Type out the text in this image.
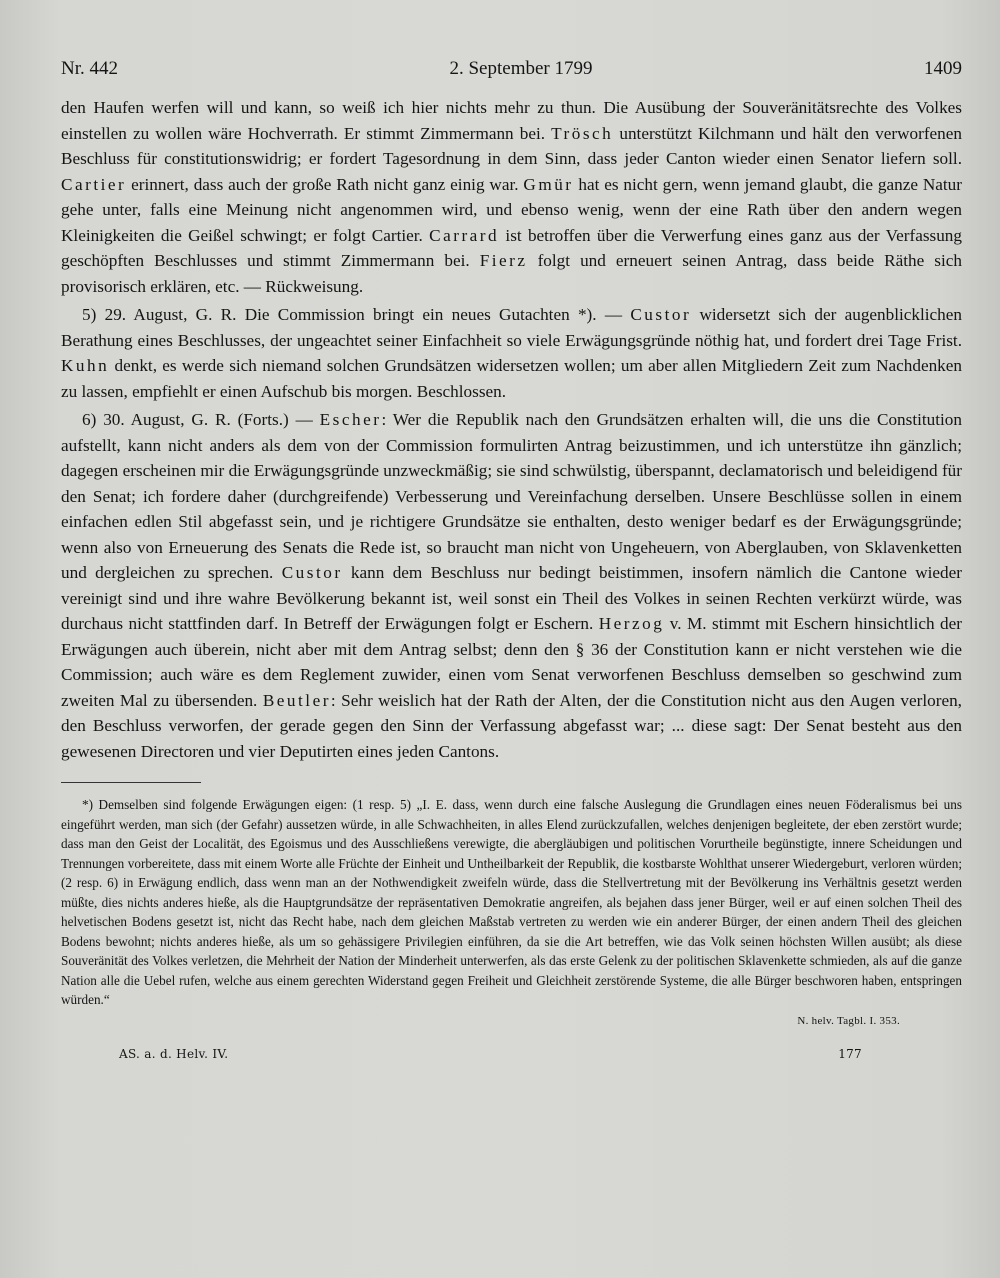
Nr. 442	2. September 1799	1409

den Haufen werfen will und kann, so weiß ich hier nichts mehr zu thun. Die Ausübung der Souveränitätsrechte des Volkes einstellen zu wollen wäre Hochverrath. Er stimmt Zimmermann bei. Trösch unterstützt Kilchmann und hält den verworfenen Beschluss für constitutionswidrig; er fordert Tagesordnung in dem Sinn, dass jeder Canton wieder einen Senator liefern soll. Cartier erinnert, dass auch der große Rath nicht ganz einig war. Gmür hat es nicht gern, wenn jemand glaubt, die ganze Natur gehe unter, falls eine Meinung nicht angenommen wird, und ebenso wenig, wenn der eine Rath über den andern wegen Kleinigkeiten die Geißel schwingt; er folgt Cartier. Carrard ist betroffen über die Verwerfung eines ganz aus der Verfassung geschöpften Beschlusses und stimmt Zimmermann bei. Fierz folgt und erneuert seinen Antrag, dass beide Räthe sich provisorisch erklären, etc. — Rückweisung.

5) 29. August, G. R. Die Commission bringt ein neues Gutachten *). — Custor widersetzt sich der augenblicklichen Berathung eines Beschlusses, der ungeachtet seiner Einfachheit so viele Erwägungsgründe nöthig hat, und fordert drei Tage Frist. Kuhn denkt, es werde sich niemand solchen Grundsätzen widersetzen wollen; um aber allen Mitgliedern Zeit zum Nachdenken zu lassen, empfiehlt er einen Aufschub bis morgen. Beschlossen.

6) 30. August, G. R. (Forts.) — Escher: Wer die Republik nach den Grundsätzen erhalten will, die uns die Constitution aufstellt, kann nicht anders als dem von der Commission formulirten Antrag beizustimmen, und ich unterstütze ihn gänzlich; dagegen erscheinen mir die Erwägungsgründe unzweckmäßig; sie sind schwülstig, überspannt, declamatorisch und beleidigend für den Senat; ich fordere daher (durchgreifende) Verbesserung und Vereinfachung derselben. Unsere Beschlüsse sollen in einem einfachen edlen Stil abgefasst sein, und je richtigere Grundsätze sie enthalten, desto weniger bedarf es der Erwägungsgründe; wenn also von Erneuerung des Senats die Rede ist, so braucht man nicht von Ungeheuern, von Aberglauben, von Sklavenketten und dergleichen zu sprechen. Custor kann dem Beschluss nur bedingt beistimmen, insofern nämlich die Cantone wieder vereinigt sind und ihre wahre Bevölkerung bekannt ist, weil sonst ein Theil des Volkes in seinen Rechten verkürzt würde, was durchaus nicht stattfinden darf. In Betreff der Erwägungen folgt er Eschern. Herzog v. M. stimmt mit Eschern hinsichtlich der Erwägungen auch überein, nicht aber mit dem Antrag selbst; denn den § 36 der Constitution kann er nicht verstehen wie die Commission; auch wäre es dem Reglement zuwider, einen vom Senat verworfenen Beschluss demselben so geschwind zum zweiten Mal zu übersenden. Beutler: Sehr weislich hat der Rath der Alten, der die Constitution nicht aus den Augen verloren, den Beschluss verworfen, der gerade gegen den Sinn der Verfassung abgefasst war; ... diese sagt: Der Senat besteht aus den gewesenen Directoren und vier Deputirten eines jeden Cantons.

*) Demselben sind folgende Erwägungen eigen: (1 resp. 5) „I. E. dass, wenn durch eine falsche Auslegung die Grundlagen eines neuen Föderalismus bei uns eingeführt werden, man sich (der Gefahr) aussetzen würde, in alle Schwachheiten, in alles Elend zurückzufallen, welches denjenigen begleitete, der eben zerstört wurde; dass man den Geist der Localität, des Egoismus und des Ausschließens verewigte, die abergläubigen und politischen Vorurtheile begünstigte, innere Scheidungen und Trennungen vorbereitete, dass mit einem Worte alle Früchte der Einheit und Untheilbarkeit der Republik, die kostbarste Wohlthat unserer Wiedergeburt, verloren würden; (2 resp. 6) in Erwägung endlich, dass wenn man an der Nothwendigkeit zweifeln würde, dass die Stellvertretung mit der Bevölkerung ins Verhältnis gesetzt werden müßte, dies nichts anderes hieße, als die Hauptgrundsätze der repräsentativen Demokratie angreifen, als bejahen dass jener Bürger, weil er auf einen solchen Theil des helvetischen Bodens gesetzt ist, nicht das Recht habe, nach dem gleichen Maßstab vertreten zu werden wie ein anderer Bürger, der einen andern Theil des gleichen Bodens bewohnt; nichts anderes hieße, als um so gehässigere Privilegien einführen, da sie die Art betreffen, wie das Volk seinen höchsten Willen ausübt; als diese Souveränität des Volkes verletzen, die Mehrheit der Nation der Minderheit unterwerfen, als das erste Gelenk zu der politischen Sklavenkette schmieden, als auf die ganze Nation alle die Uebel rufen, welche aus einem gerechten Widerstand gegen Freiheit und Gleichheit zerstörende Systeme, die alle Bürger beschworen haben, entspringen würden.“

N. helv. Tagbl. I. 353.
AS. a. d. Helv. IV.	177
